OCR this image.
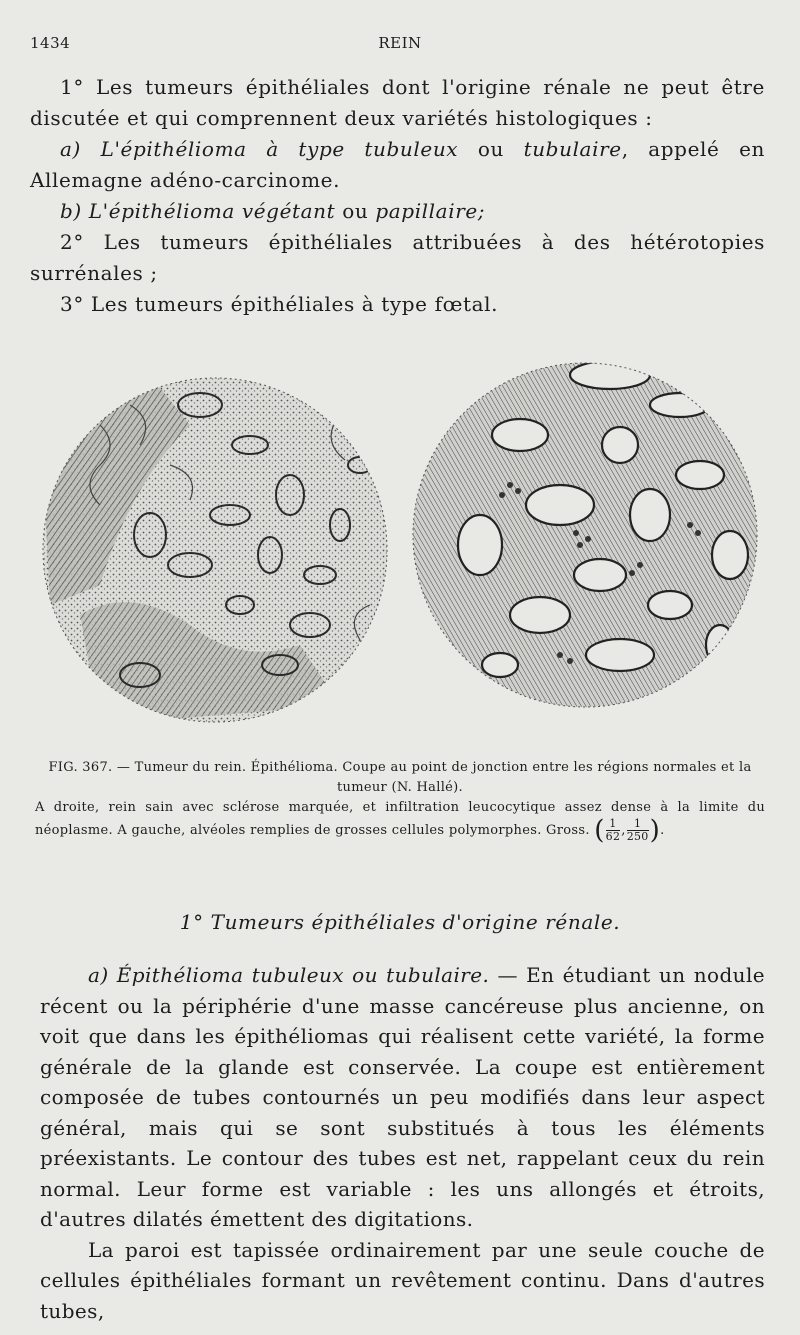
1434	REIN

1° Les tumeurs épithéliales dont l'origine rénale ne peut être discutée et qui comprennent deux variétés histologiques :

a) L'épithélioma à type tubuleux ou tubulaire, appelé en Allemagne adéno-carcinome.

b) L'épithélioma végétant ou papillaire;

2° Les tumeurs épithéliales attribuées à des hétérotopies surrénales ;

3° Les tumeurs épithéliales à type fœtal.

FIG. 367. — Tumeur du rein. Épithélioma. Coupe au point de jonction entre les régions normales et la tumeur (N. Hallé).

A droite, rein sain avec sclérose marquée, et infiltration leucocytique assez dense à la limite du néoplasme. A gauche, alvéoles remplies de grosses cellules polymorphes. Gross. ( $\frac{1}{62}$ , $\frac{1}{250}$ ).

1° Tumeurs épithéliales d'origine rénale.

a) Épithélioma tubuleux ou tubulaire. — En étudiant un nodule récent ou la périphérie d'une masse cancéreuse plus ancienne, on voit que dans les épithéliomas qui réalisent cette variété, la forme générale de la glande est conservée. La coupe est entièrement composée de tubes contournés un peu modifiés dans leur aspect général, mais qui se sont substitués à tous les éléments préexistants. Le contour des tubes est net, rappelant ceux du rein normal. Leur forme est variable : les uns allongés et étroits, d'autres dilatés émettent des digitations.

La paroi est tapissée ordinairement par une seule couche de cellules épithéliales formant un revêtement continu. Dans d'autres tubes,
